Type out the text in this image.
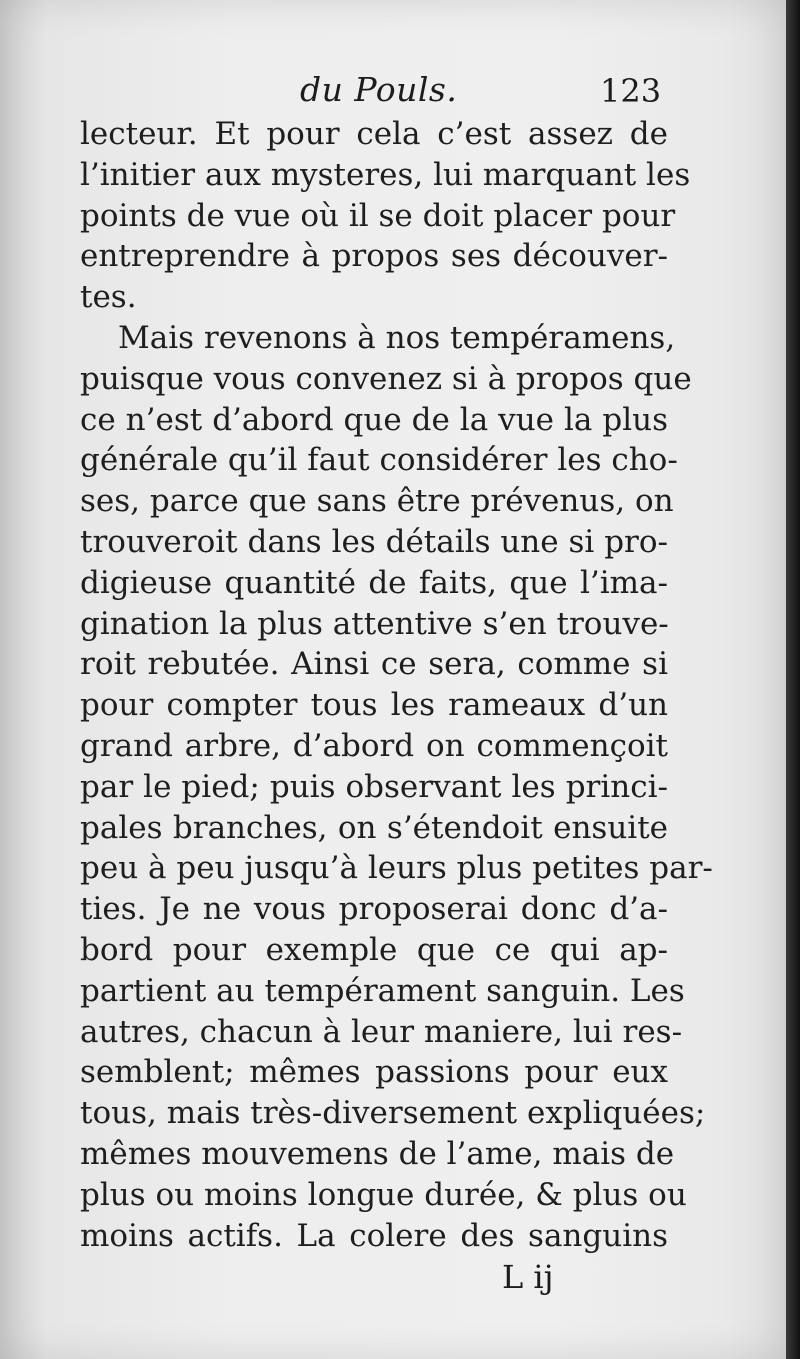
du Pouls.	123
lecteur. Et pour cela c’est assez de
l’initier aux mysteres, lui marquant les
points de vue où il se doit placer pour
entreprendre à propos ses découver-
tes.
Mais revenons à nos tempéramens,
puisque vous convenez si à propos que
ce n’est d’abord que de la vue la plus
générale qu’il faut considérer les cho-
ses, parce que sans être prévenus, on
trouveroit dans les détails une si pro-
digieuse quantité de faits, que l’ima-
gination la plus attentive s’en trouve-
roit rebutée. Ainsi ce sera, comme si
pour compter tous les rameaux d’un
grand arbre, d’abord on commençoit
par le pied; puis observant les princi-
pales branches, on s’étendoit ensuite
peu à peu jusqu’à leurs plus petites par-
ties. Je ne vous proposerai donc d’a-
bord pour exemple que ce qui ap-
partient au tempérament sanguin. Les
autres, chacun à leur maniere, lui res-
semblent; mêmes passions pour eux
tous, mais très-diversement expliquées;
mêmes mouvemens de l’ame, mais de
plus ou moins longue durée, & plus ou
moins actifs. La colere des sanguins
L ij
